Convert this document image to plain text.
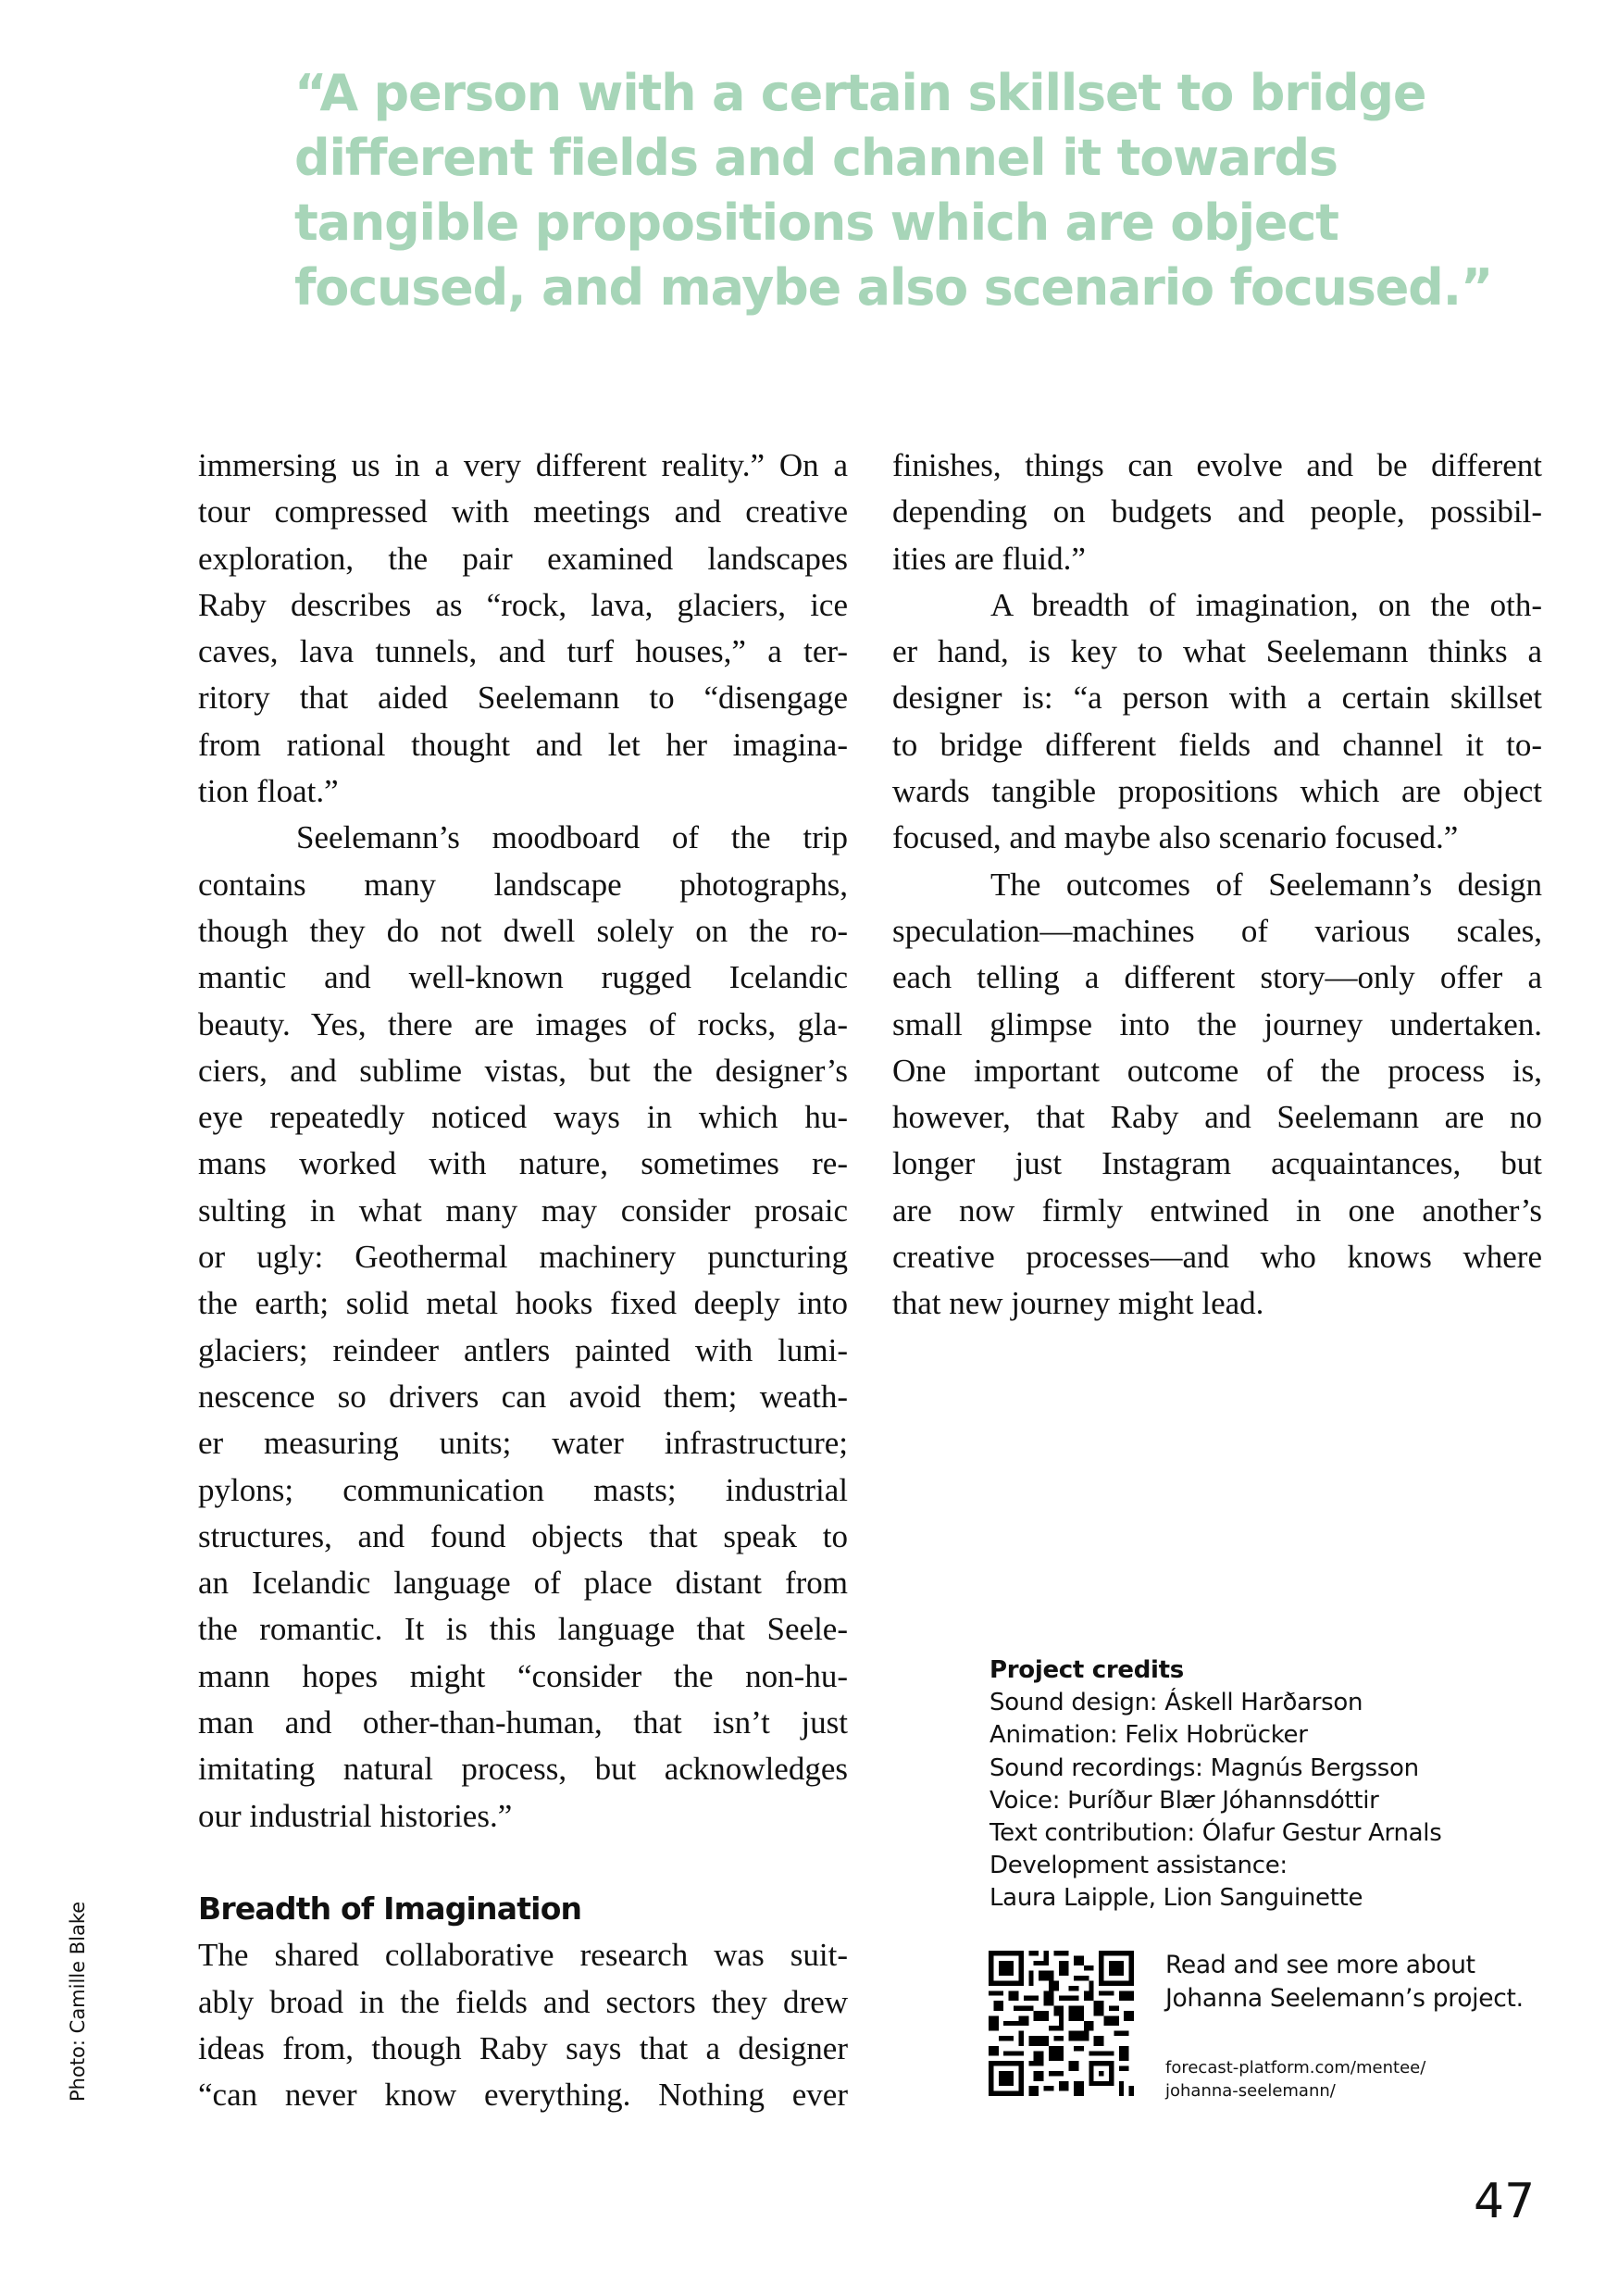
“A person with a certain skillset to bridge
different fields and channel it towards
tangible propositions which are object
focused, and maybe also scenario focused.”
immersing us in a very different reality.” On a
tour compressed with meetings and creative
exploration, the pair examined landscapes
Raby describes as “rock, lava, glaciers, ice
caves, lava tunnels, and turf houses,” a ter-
ritory that aided Seelemann to “disengage
from rational thought and let her imagina-
tion float.”
Seelemann’s moodboard of the trip
contains many landscape photographs,
though they do not dwell solely on the ro-
mantic and well-known rugged Icelandic
beauty. Yes, there are images of rocks, gla-
ciers, and sublime vistas, but the designer’s
eye repeatedly noticed ways in which hu-
mans worked with nature, sometimes re-
sulting in what many may consider prosaic
or ugly: Geothermal machinery puncturing
the earth; solid metal hooks fixed deeply into
glaciers; reindeer antlers painted with lumi-
nescence so drivers can avoid them; weath-
er measuring units; water infrastructure;
pylons; communication masts; industrial
structures, and found objects that speak to
an Icelandic language of place distant from
the romantic. It is this language that Seele-
mann hopes might “consider the non-hu-
man and other-than-human, that isn’t just
imitating natural process, but acknowledges
our industrial histories.”
Breadth of Imagination
The shared collaborative research was suit-
ably broad in the fields and sectors they drew
ideas from, though Raby says that a designer
“can never know everything. Nothing ever
finishes, things can evolve and be different
depending on budgets and people, possibil-
ities are fluid.”
A breadth of imagination, on the oth-
er hand, is key to what Seelemann thinks a
designer is: “a person with a certain skillset
to bridge different fields and channel it to-
wards tangible propositions which are object
focused, and maybe also scenario focused.”
The outcomes of Seelemann’s design
speculation—machines of various scales,
each telling a different story—only offer a
small glimpse into the journey undertaken.
One important outcome of the process is,
however, that Raby and Seelemann are no
longer just Instagram acquaintances, but
are now firmly entwined in one another’s
creative processes—and who knows where
that new journey might lead.
Photo: Camille Blake
Project credits
Sound design: Áskell Harðarson
Animation: Felix Hobrücker
Sound recordings: Magnús Bergsson
Voice: Þuríður Blær Jóhannsdóttir
Text contribution: Ólafur Gestur Arnals
Development assistance:
Laura Laipple, Lion Sanguinette
Read and see more about
Johanna Seelemann’s project.
forecast-platform.com/mentee/
johanna-seelemann/
47
